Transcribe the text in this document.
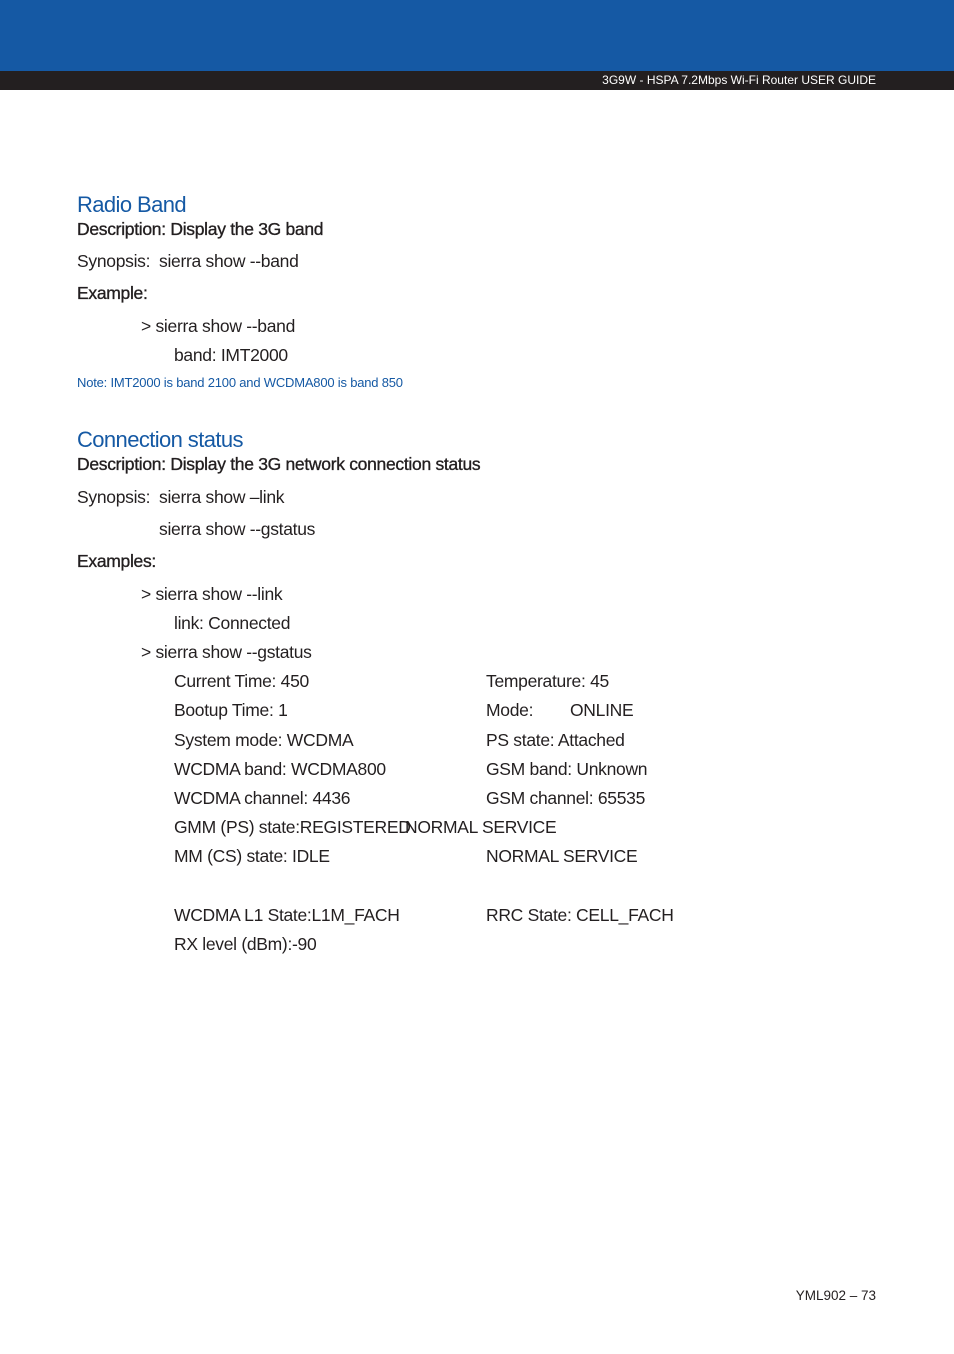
3G9W - HSPA 7.2Mbps Wi-Fi Router USER GUIDE
Radio Band
Description: Display the 3G band
Synopsis: sierra show --band
Example:
> sierra show --band
band: IMT2000
Note: IMT2000 is band 2100 and WCDMA800 is band 850
Connection status
Description: Display the 3G network connection status
Synopsis: sierra show –link
sierra show --gstatus
Examples:
> sierra show --link
link: Connected
> sierra show --gstatus
Current Time: 450
Bootup Time: 1
System mode: WCDMA
WCDMA band: WCDMA800
WCDMA channel: 4436
GMM (PS) state:REGISTERED
NORMAL SERVICE
MM (CS) state: IDLE
WCDMA L1 State:L1M_FACH
RX level (dBm):-90
Temperature: 45
Mode: ONLINE
PS state: Attached
GSM band: Unknown
GSM channel: 65535
NORMAL SERVICE
RRC State: CELL_FACH
YML902 – 73
